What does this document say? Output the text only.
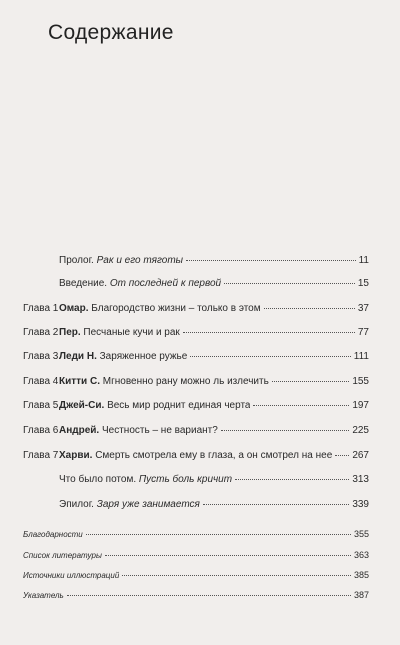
Содержание
Пролог. Рак и его тяготы	11
Введение. От последней к первой	15
Глава 1 Омар. Благородство жизни – только в этом	37
Глава 2 Пер. Песчаные кучи и рак	77
Глава 3 Леди Н. Заряженное ружье	111
Глава 4 Китти С. Мгновенно рану можно ль излечить	155
Глава 5 Джей-Си. Весь мир роднит единая черта	197
Глава 6 Андрей. Честность – не вариант?	225
Глава 7 Харви. Смерть смотрела ему в глаза, а он смотрел на нее 267
Что было потом. Пусть боль кричит	313
Эпилог. Заря уже занимается	339
Благодарности	355
Список литературы	363
Источники иллюстраций	385
Указатель	387
